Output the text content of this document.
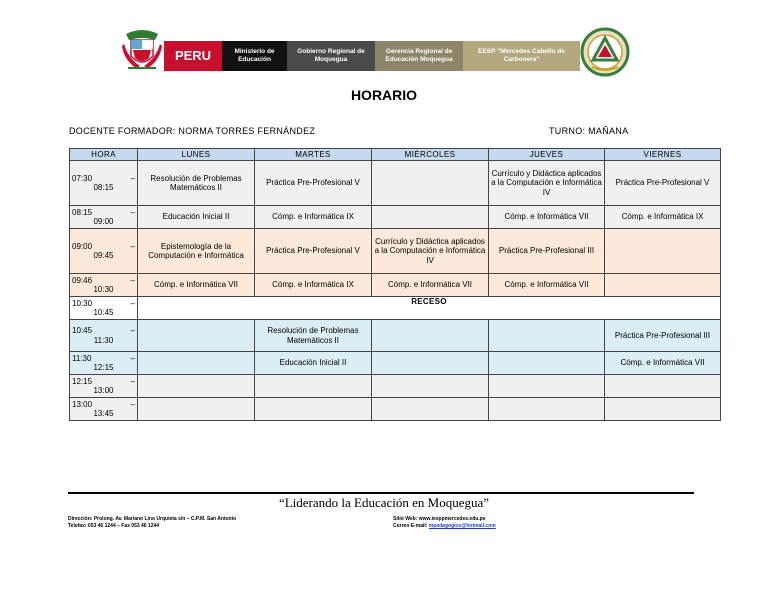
PERU	Ministerio de Educación
Gobierno Regional de Moquegua
Gerencia Regional de Educación Moquegua
EESP "Mercedes Cabello de Carbonera"
HORARIO
DOCENTE FORMADOR: NORMA TORRES FERNÁNDEZ	TURNO: MAÑANA
HORA	LUNES	MARTES	MIÉRCOLES	JUEVES	VIERNES

07:30 –
08:15	Resolución de Problemas Matemáticos II	Práctica Pre-Profesional V		Currículo y Didáctica aplicados a la Computación e Informática IV	Práctica Pre-Profesional V

08:15 –
09:00	Educación Inicial II	Cómp. e Informática IX		Cómp. e Informática VII	Cómp. e Informática IX

09:00 –
09:45	Epistemología de la Computación e Informática	Práctica Pre-Profesional V	Currículo y Didáctica aplicados a la Computación e Informática IV	Práctica Pre-Profesional III	

09:46 –
10:30	Cómp. e Informática VII	Cómp. e Informática IX	Cómp. e Informática VII	Cómp. e Informática VII	

10:30 –
10:45	RECESO				

10:45 –
11:30		Resolución de Problemas Matemáticos II			Práctica Pre-Profesional III

11:30 –
12:15		Educación Inicial II			Cómp. e Informática VII

12:15 –
13:00					

13:00 –
13:45					

“Liderando la Educación en Moquegua”
Dirección: Prolong. Av. Mariano Lino Urquieta s/n – C.P.M. San Antonio
Telefax: 053 46 1244 – Fax 053 46 1244
Sitio Web: www.iesppmercedes.edu.pe
Correo E-mail: mpedagogico@hotmail.com
